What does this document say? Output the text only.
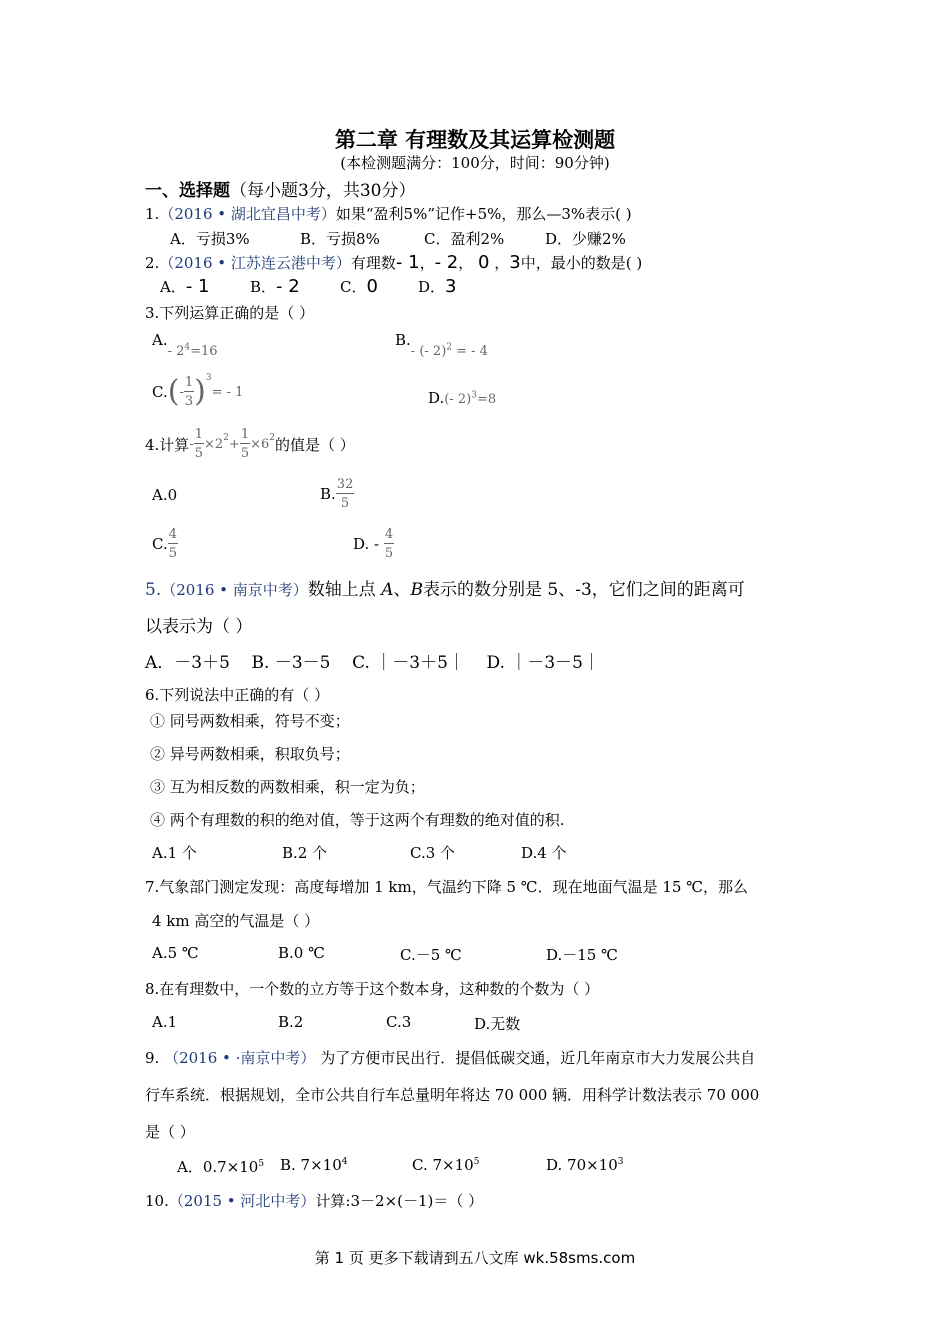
第二章 有理数及其运算检测题
(本检测题满分：100分，时间：90分钟)
一、选择题（每小题3分，共30分）
1.（2016 • 湖北宜昌中考）如果“盈利5%”记作+5%，那么—3%表示( )
A．亏损3%	B．亏损8%	C．盈利2%	D．少赚2%
2.（2016 • 江苏连云港中考）有理数- 1，- 2， 0 ，3中，最小的数是( )
A．- 1	B．- 2	C．0	D．3
3.下列运算正确的是（ ）
A.- $2^4=16$
B.- (- 2)$^2$ = - 4
C. ( - $\frac{1}{3}$ ) 3
= - 1	D.(- 2)$^3$=8
4.计算 - $\frac{1}{5} \times 2$ $2 + \frac{1}{5} \times 6$ 2 的值是（ ）
A.0	B. $\frac{32}{5}$
C. $\frac{4}{5}$	D. - $\frac{4}{5}$
5.（2016 • 南京中考）数轴上点 A、B表示的数分别是 5、-3，它们之间的距离可
以表示为（ ）
A．－3＋5    B. －3－5    C. ｜－3＋5｜    D. ｜－3－5｜
6.下列说法中正确的有（ ）
① 同号两数相乘，符号不变；
② 异号两数相乘，积取负号；
③ 互为相反数的两数相乘，积一定为负；
④ 两个有理数的积的绝对值，等于这两个有理数的绝对值的积.
A.1 个	B.2 个	C.3 个	D.4 个
7.气象部门测定发现：高度每增加 1 km，气温约下降 5 ℃．现在地面气温是 15 ℃，那么
4 km 高空的气温是（ ）
A.5 ℃	B.0 ℃	C.－5 ℃	D.－15 ℃
8.在有理数中，一个数的立方等于这个数本身，这种数的个数为（ ）
A.1	B.2	C.3	D.无数
9. （2016 • ·南京中考） 为了方便市民出行．提倡低碳交通，近几年南京市大力发展公共自
行车系统．根据规划，全市公共自行车总量明年将达 70 000 辆．用科学计数法表示 70 000
是（ ）
A．$0.7\times 10^5$ B. $7\times 10^4$	C. $7\times 10^5$	D. $70\times 10^3$
10.（2015 • 河北中考）计算:3－2×(－1)＝（ ）
第 1 页 更多下载请到五八文库 wk.58sms.com
